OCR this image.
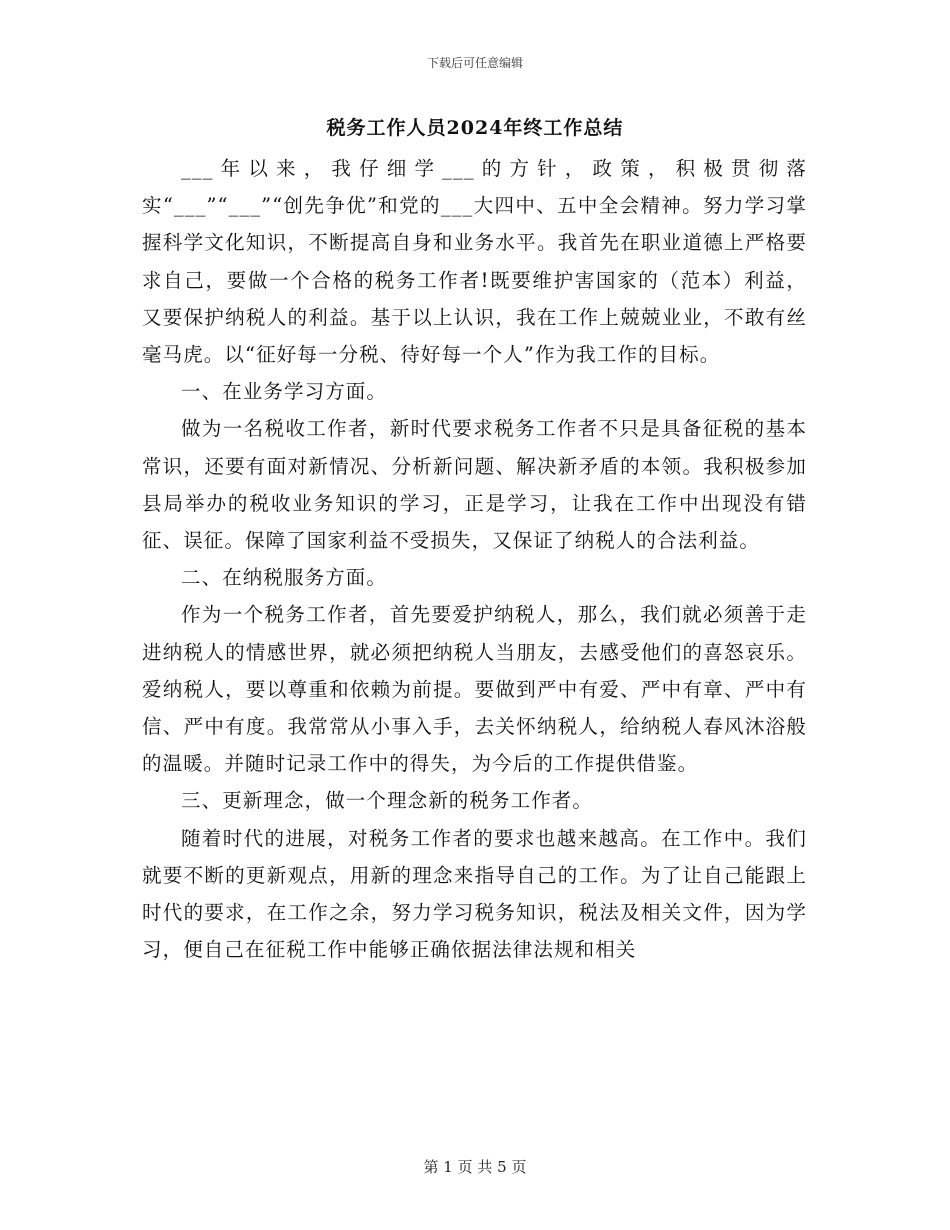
下载后可任意编辑
税务工作人员2024年终工作总结

___年以来，我仔细学___的方针，政策，积极贯彻落实“___”“___”“创先争优”和党的___大四中、五中全会精神。努力学习掌握科学文化知识，不断提高自身和业务水平。我首先在职业道德上严格要求自己，要做一个合格的税务工作者!既要维护害国家的（范本）利益，又要保护纳税人的利益。基于以上认识，我在工作上兢兢业业，不敢有丝毫马虎。以“征好每一分税、待好每一个人”作为我工作的目标。

一、在业务学习方面。

做为一名税收工作者，新时代要求税务工作者不只是具备征税的基本常识，还要有面对新情况、分析新问题、解决新矛盾的本领。我积极参加县局举办的税收业务知识的学习，正是学习，让我在工作中出现没有错征、误征。保障了国家利益不受损失，又保证了纳税人的合法利益。

二、在纳税服务方面。

作为一个税务工作者，首先要爱护纳税人，那么，我们就必须善于走进纳税人的情感世界，就必须把纳税人当朋友，去感受他们的喜怒哀乐。爱纳税人，要以尊重和依赖为前提。要做到严中有爱、严中有章、严中有信、严中有度。我常常从小事入手，去关怀纳税人，给纳税人春风沐浴般的温暖。并随时记录工作中的得失，为今后的工作提供借鉴。

三、更新理念，做一个理念新的税务工作者。

随着时代的进展，对税务工作者的要求也越来越高。在工作中。我们就要不断的更新观点，用新的理念来指导自己的工作。为了让自己能跟上时代的要求，在工作之余，努力学习税务知识，税法及相关文件，因为学习，便自己在征税工作中能够正确依据法律法规和相关

第 1 页 共 5 页
